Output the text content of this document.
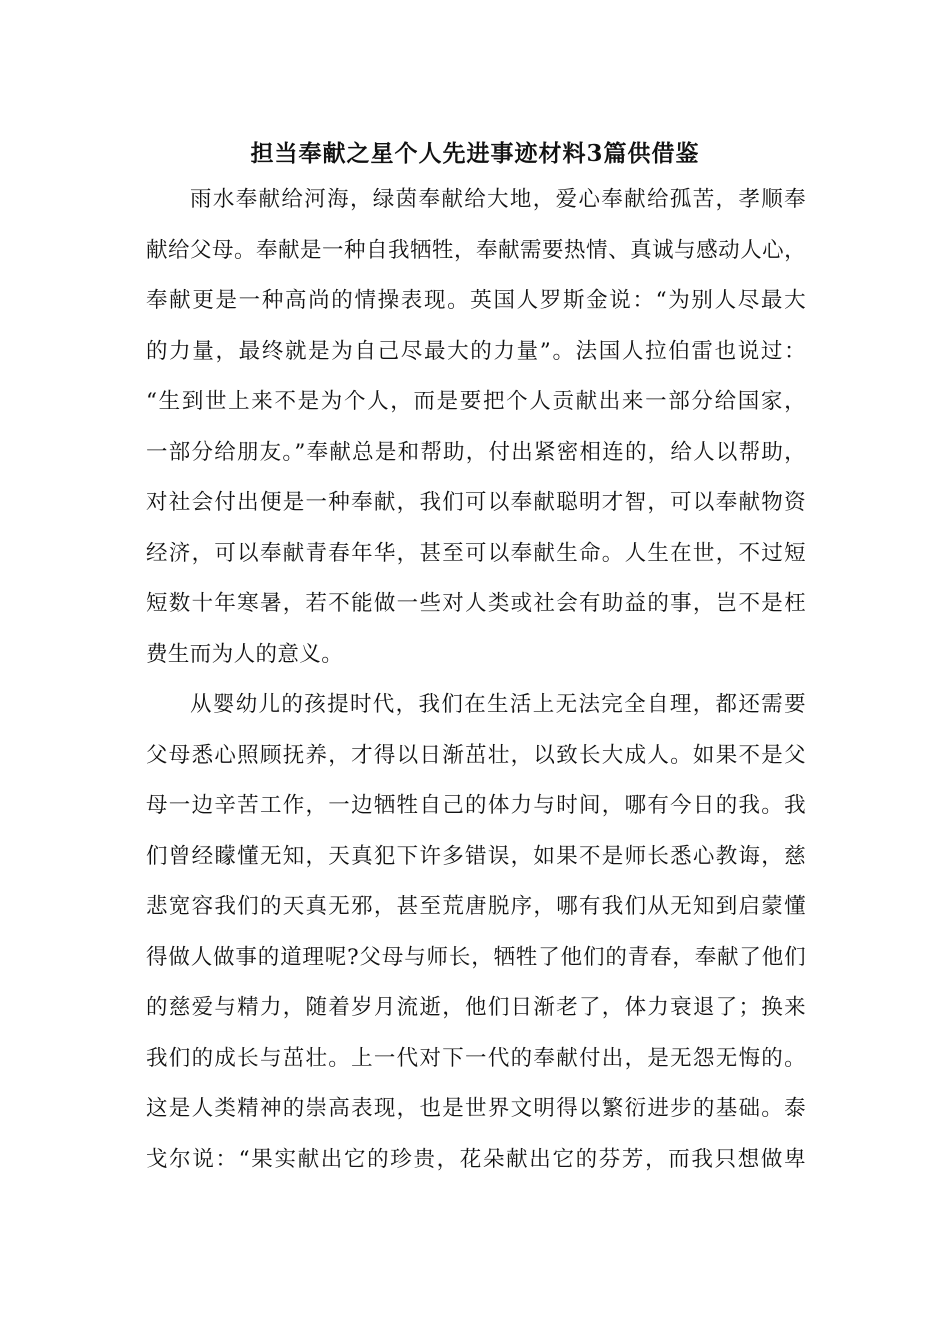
担当奉献之星个人先进事迹材料3篇供借鉴
雨水奉献给河海，绿茵奉献给大地，爱心奉献给孤苦，孝顺奉
献给父母。奉献是一种自我牺牲，奉献需要热情、真诚与感动人心，
奉献更是一种高尚的情操表现。英国人罗斯金说：“为别人尽最大
的力量，最终就是为自己尽最大的力量”。法国人拉伯雷也说过：
“生到世上来不是为个人，而是要把个人贡献出来一部分给国家，
一部分给朋友。”奉献总是和帮助，付出紧密相连的，给人以帮助，
对社会付出便是一种奉献，我们可以奉献聪明才智，可以奉献物资
经济，可以奉献青春年华，甚至可以奉献生命。人生在世，不过短
短数十年寒暑，若不能做一些对人类或社会有助益的事，岂不是枉
费生而为人的意义。
从婴幼儿的孩提时代，我们在生活上无法完全自理，都还需要
父母悉心照顾抚养，才得以日渐茁壮，以致长大成人。如果不是父
母一边辛苦工作，一边牺牲自己的体力与时间，哪有今日的我。我
们曾经矇懂无知，天真犯下许多错误，如果不是师长悉心教诲，慈
悲宽容我们的天真无邪，甚至荒唐脱序，哪有我们从无知到启蒙懂
得做人做事的道理呢?父母与师长，牺牲了他们的青春，奉献了他们
的慈爱与精力，随着岁月流逝，他们日渐老了，体力衰退了；换来
我们的成长与茁壮。上一代对下一代的奉献付出，是无怨无悔的。
这是人类精神的崇高表现，也是世界文明得以繁衍进步的基础。泰
戈尔说：“果实献出它的珍贵，花朵献出它的芬芳，而我只想做卑
